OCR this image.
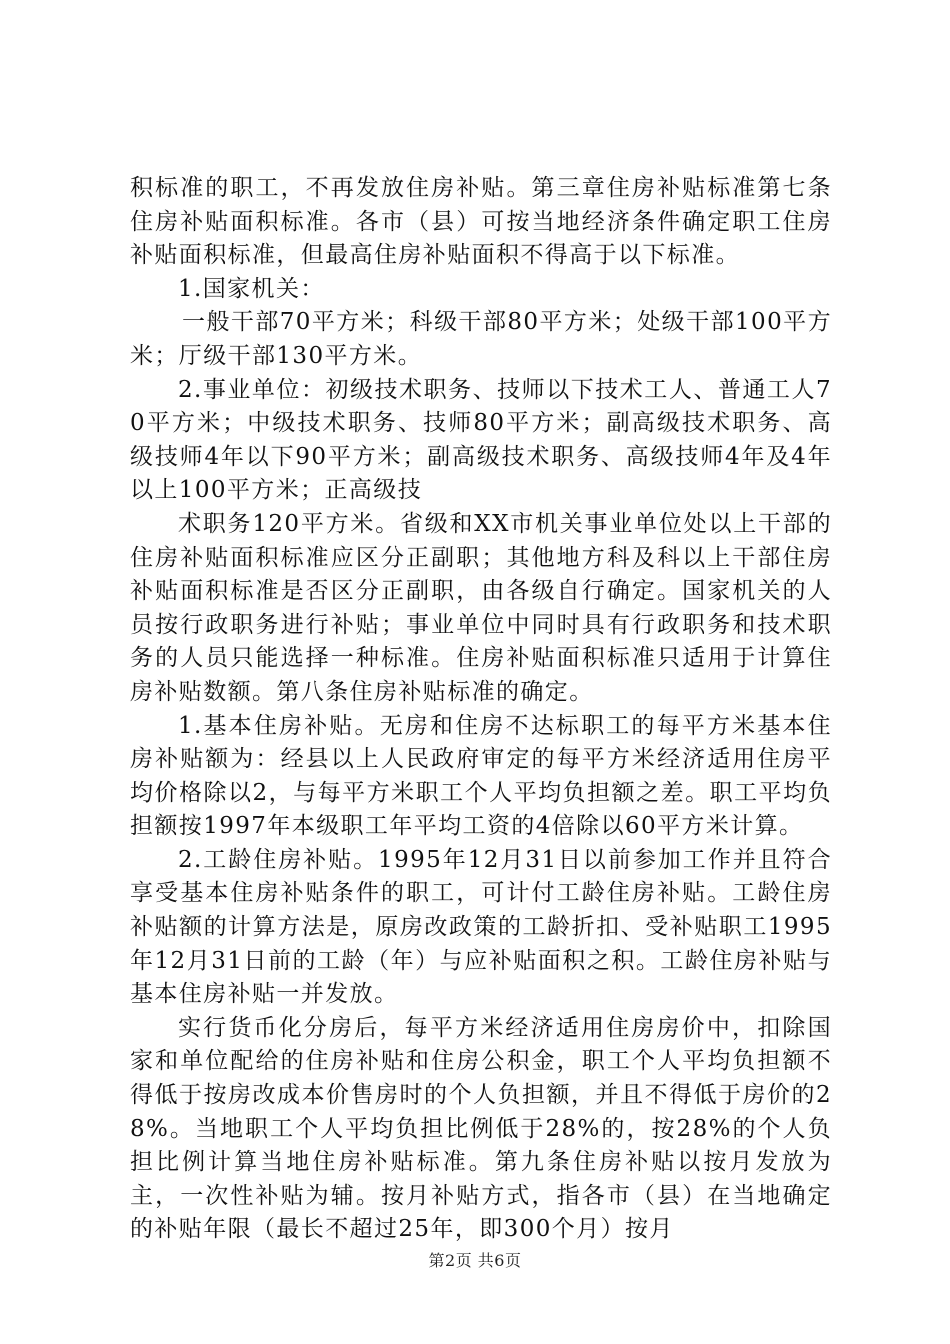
积标准的职工，不再发放住房补贴。第三章住房补贴标准第七条住房补贴面积标准。各市（县）可按当地经济条件确定职工住房补贴面积标准，但最高住房补贴面积不得高于以下标准。

1.国家机关：

一般干部70平方米；科级干部80平方米；处级干部100平方米；厅级干部130平方米。

2.事业单位：初级技术职务、技师以下技术工人、普通工人70平方米；中级技术职务、技师80平方米；副高级技术职务、高级技师4年以下90平方米；副高级技术职务、高级技师4年及4年以上100平方米；正高级技

术职务120平方米。省级和XX市机关事业单位处以上干部的住房补贴面积标准应区分正副职；其他地方科及科以上干部住房补贴面积标准是否区分正副职，由各级自行确定。国家机关的人员按行政职务进行补贴；事业单位中同时具有行政职务和技术职务的人员只能选择一种标准。住房补贴面积标准只适用于计算住房补贴数额。第八条住房补贴标准的确定。

1.基本住房补贴。无房和住房不达标职工的每平方米基本住房补贴额为：经县以上人民政府审定的每平方米经济适用住房平均价格除以2，与每平方米职工个人平均负担额之差。职工平均负担额按1997年本级职工年平均工资的4倍除以60平方米计算。

2.工龄住房补贴。1995年12月31日以前参加工作并且符合享受基本住房补贴条件的职工，可计付工龄住房补贴。工龄住房补贴额的计算方法是，原房改政策的工龄折扣、受补贴职工1995年12月31日前的工龄（年）与应补贴面积之积。工龄住房补贴与基本住房补贴一并发放。

实行货币化分房后，每平方米经济适用住房房价中，扣除国家和单位配给的住房补贴和住房公积金，职工个人平均负担额不得低于按房改成本价售房时的个人负担额，并且不得低于房价的28%。当地职工个人平均负担比例低于28%的，按28%的个人负担比例计算当地住房补贴标准。第九条住房补贴以按月发放为主，一次性补贴为辅。按月补贴方式，指各市（县）在当地确定的补贴年限（最长不超过25年，即300个月）按月

第2页 共6页
